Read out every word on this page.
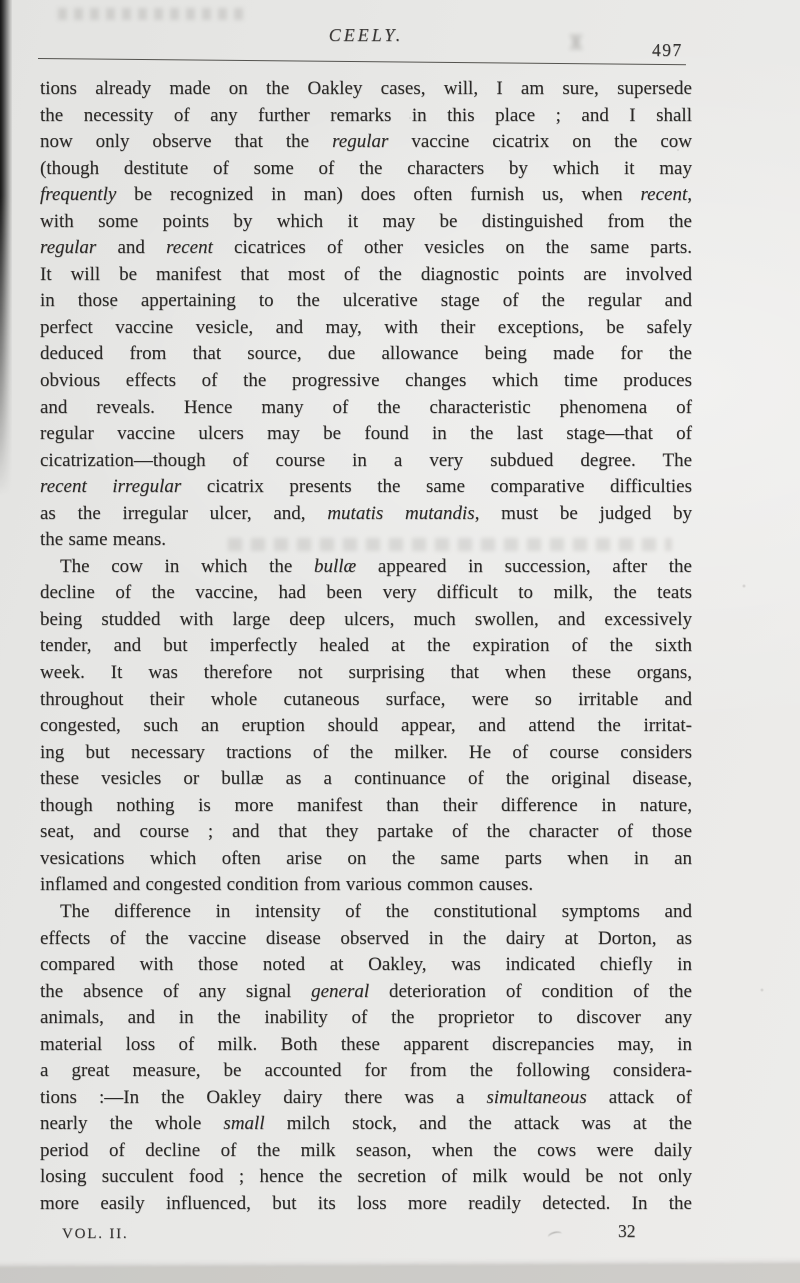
CEELY.
497
tions already made on the Oakley cases, will, I am sure, supersede
the necessity of any further remarks in this place ; and I shall
now only observe that the regular vaccine cicatrix on the cow
(though destitute of some of the characters by which it may
frequently be recognized in man) does often furnish us, when recent,
with some points by which it may be distinguished from the
regular and recent cicatrices of other vesicles on the same parts.
It will be manifest that most of the diagnostic points are involved
in those appertaining to the ulcerative stage of the regular and
perfect vaccine vesicle, and may, with their exceptions, be safely
deduced from that source, due allowance being made for the
obvious effects of the progressive changes which time produces
and reveals. Hence many of the characteristic phenomena of
regular vaccine ulcers may be found in the last stage—that of
cicatrization—though of course in a very subdued degree. The
recent irregular cicatrix presents the same comparative difficulties
as the irregular ulcer, and, mutatis mutandis, must be judged by
the same means.
The cow in which the bullæ appeared in succession, after the
decline of the vaccine, had been very difficult to milk, the teats
being studded with large deep ulcers, much swollen, and excessively
tender, and but imperfectly healed at the expiration of the sixth
week. It was therefore not surprising that when these organs,
throughout their whole cutaneous surface, were so irritable and
congested, such an eruption should appear, and attend the irritat-
ing but necessary tractions of the milker. He of course considers
these vesicles or bullæ as a continuance of the original disease,
though nothing is more manifest than their difference in nature,
seat, and course ; and that they partake of the character of those
vesications which often arise on the same parts when in an
inflamed and congested condition from various common causes.
The difference in intensity of the constitutional symptoms and
effects of the vaccine disease observed in the dairy at Dorton, as
compared with those noted at Oakley, was indicated chiefly in
the absence of any signal general deterioration of condition of the
animals, and in the inability of the proprietor to discover any
material loss of milk. Both these apparent discrepancies may, in
a great measure, be accounted for from the following considera-
tions :—In the Oakley dairy there was a simultaneous attack of
nearly the whole small milch stock, and the attack was at the
period of decline of the milk season, when the cows were daily
losing succulent food ; hence the secretion of milk would be not only
more easily influenced, but its loss more readily detected. In the
VOL. II.	32
